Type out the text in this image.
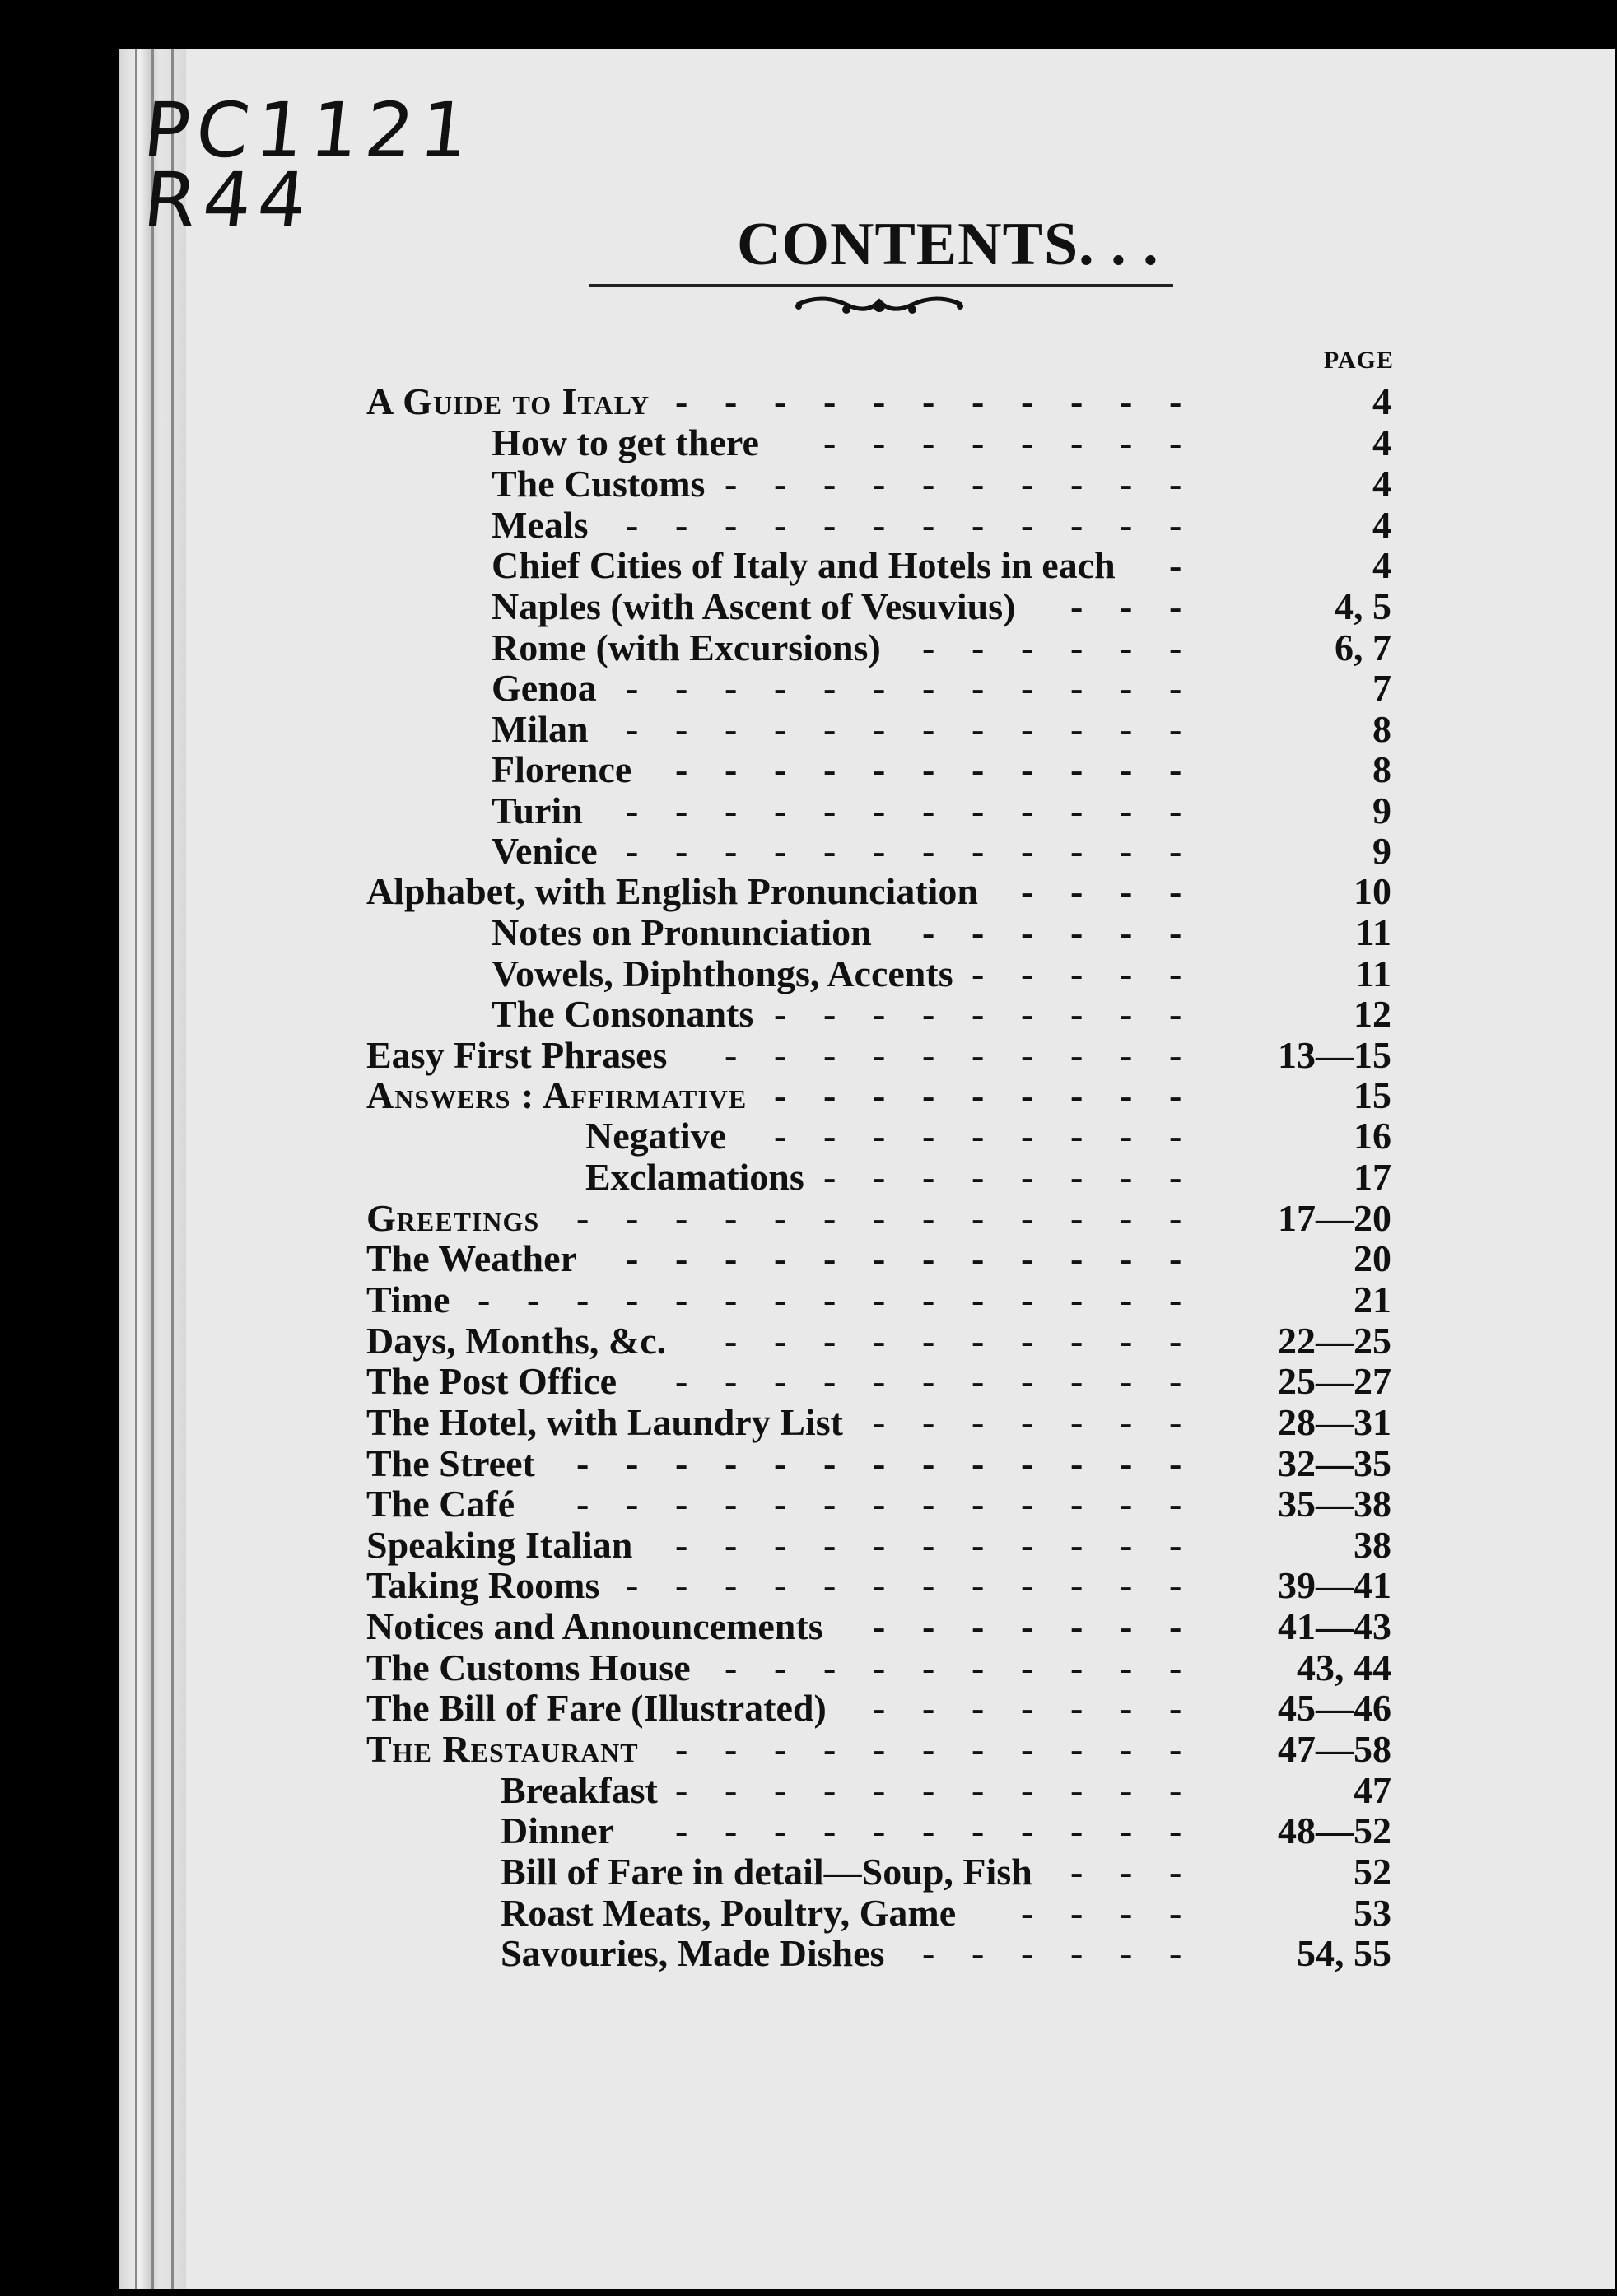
PC1121
R44	CONTENTS. . .
PAGE
A Guide to Italy	4
-
-
-
-
-
-
-
-
-
-
-
How to get there	4
-
-
-
-
-
-
-
-
The Customs	4
-
-
-
-
-
-
-
-
-
-
Meals	4
-
-
-
-
-
-
-
-
-
-
-
-
Chief Cities of Italy and Hotels in each	4
-
Naples (with Ascent of Vesuvius)	4, 5
-
-
-
Rome (with Excursions)	6, 7
-
-
-
-
-
-
Genoa	7
-
-
-
-
-
-
-
-
-
-
-
-
Milan	8
-
-
-
-
-
-
-
-
-
-
-
-
Florence	8
-
-
-
-
-
-
-
-
-
-
-
Turin	9
-
-
-
-
-
-
-
-
-
-
-
-
Venice	9
-
-
-
-
-
-
-
-
-
-
-
-
Alphabet, with English Pronunciation	10
-
-
-
-
Notes on Pronunciation	11
-
-
-
-
-
-
Vowels, Diphthongs, Accents	11
-
-
-
-
-
The Consonants	12
-
-
-
-
-
-
-
-
-
Easy First Phrases	13—15
-
-
-
-
-
-
-
-
-
-
Answers : Affirmative	15
-
-
-
-
-
-
-
-
-
Negative	16
-
-
-
-
-
-
-
-
-
Exclamations	17
-
-
-
-
-
-
-
-
Greetings	17—20
-
-
-
-
-
-
-
-
-
-
-
-
-
The Weather	20
-
-
-
-
-
-
-
-
-
-
-
-
Time	21
-
-
-
-
-
-
-
-
-
-
-
-
-
-
-
Days, Months, &c.	22—25
-
-
-
-
-
-
-
-
-
-
The Post Office	25—27
-
-
-
-
-
-
-
-
-
-
-
The Hotel, with Laundry List	28—31
-
-
-
-
-
-
-
The Street	32—35
-
-
-
-
-
-
-
-
-
-
-
-
-
The Café	35—38
-
-
-
-
-
-
-
-
-
-
-
-
-
Speaking Italian	38
-
-
-
-
-
-
-
-
-
-
-
Taking Rooms	39—41
-
-
-
-
-
-
-
-
-
-
-
-
Notices and Announcements	41—43
-
-
-
-
-
-
-
The Customs House	43, 44
-
-
-
-
-
-
-
-
-
-
The Bill of Fare (Illustrated)	45—46
-
-
-
-
-
-
-
The Restaurant	47—58
-
-
-
-
-
-
-
-
-
-
-
Breakfast	47
-
-
-
-
-
-
-
-
-
-
-
Dinner	48—52
-
-
-
-
-
-
-
-
-
-
-
Bill of Fare in detail—Soup, Fish	52
-
-
-
Roast Meats, Poultry, Game	53
-
-
-
-
Savouries, Made Dishes	54, 55
-
-
-
-
-
-
